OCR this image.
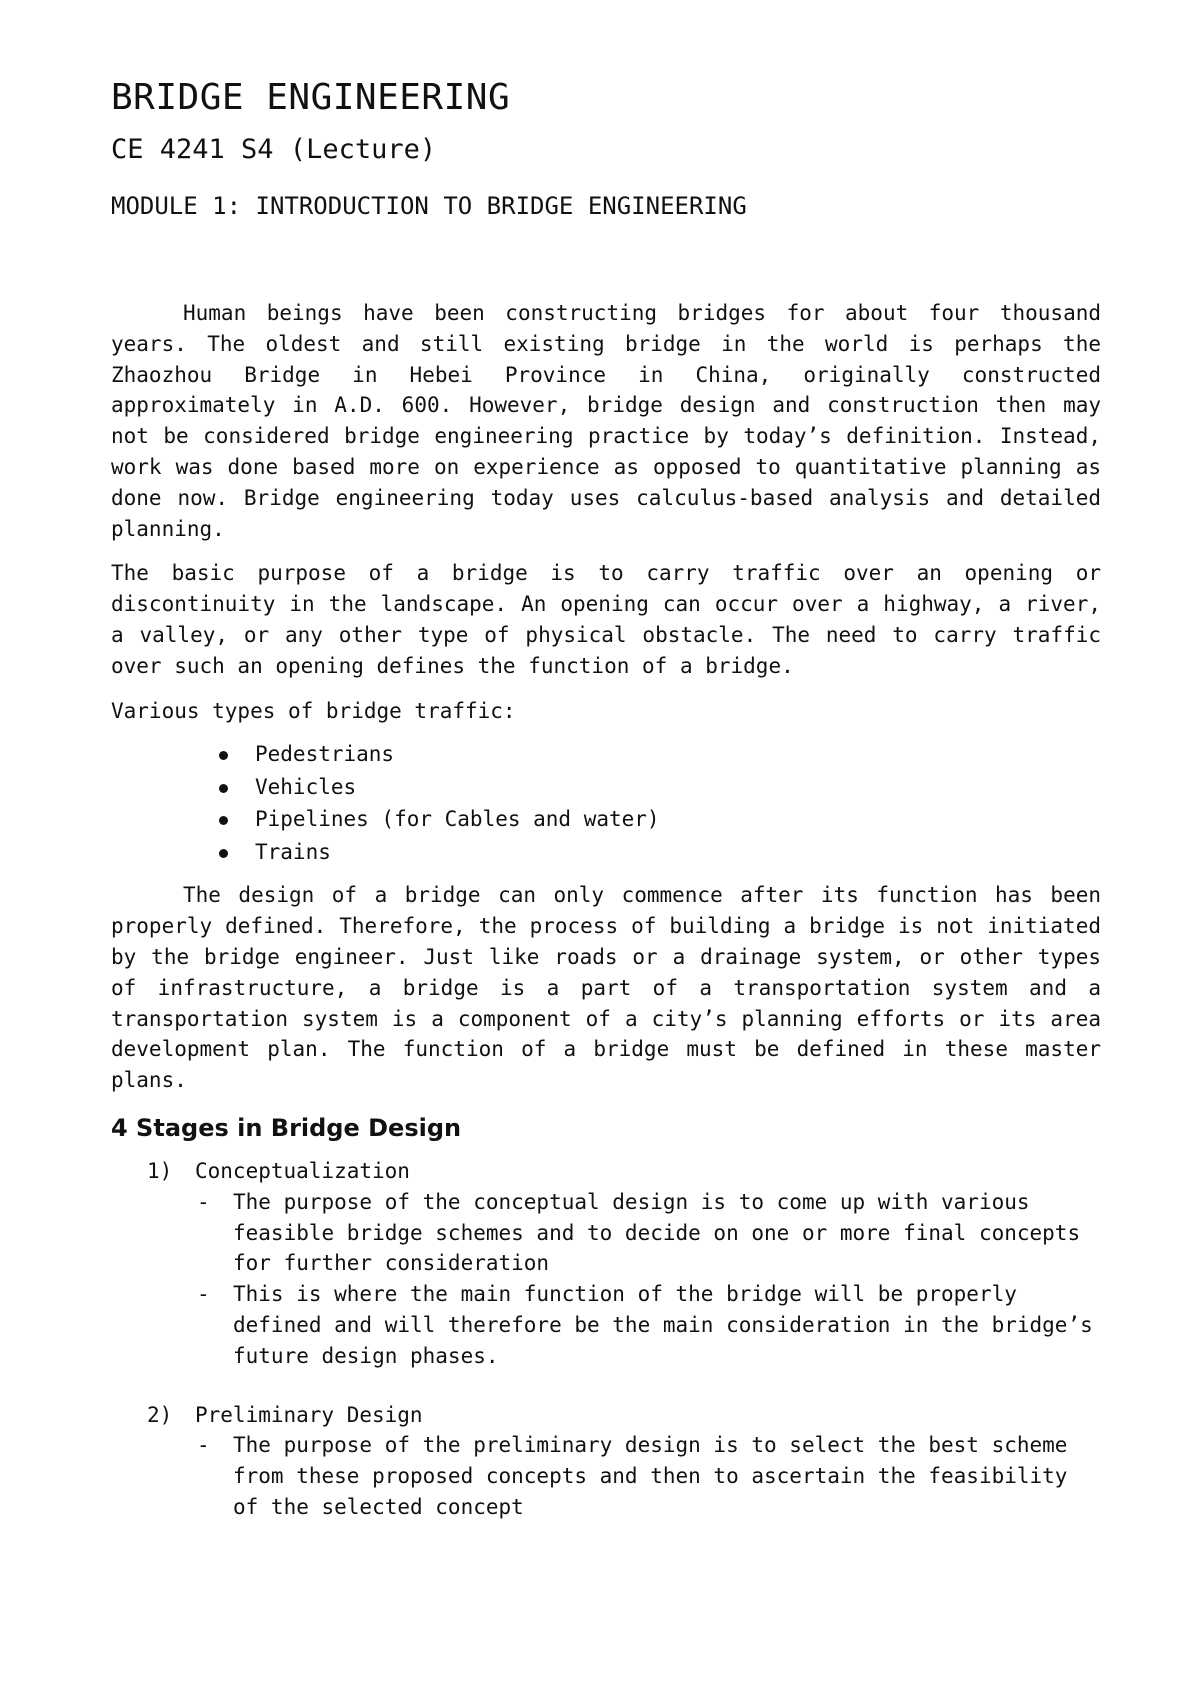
BRIDGE ENGINEERING
CE 4241 S4 (Lecture)
MODULE 1: INTRODUCTION TO BRIDGE ENGINEERING

Human beings have been constructing bridges for about four thousand years. The oldest and still existing bridge in the world is perhaps the Zhaozhou Bridge in Hebei Province in China, originally constructed approximately in A.D. 600. However, bridge design and construction then may not be considered bridge engineering practice by today’s definition. Instead, work was done based more on experience as opposed to quantitative planning as done now. Bridge engineering today uses calculus-based analysis and detailed planning.

The basic purpose of a bridge is to carry traffic over an opening or discontinuity in the landscape. An opening can occur over a highway, a river, a valley, or any other type of physical obstacle. The need to carry traffic over such an opening defines the function of a bridge.

Various types of bridge traffic:

Pedestrians
Vehicles
Pipelines (for Cables and water)
Trains

The design of a bridge can only commence after its function has been properly defined. Therefore, the process of building a bridge is not initiated by the bridge engineer. Just like roads or a drainage system, or other types of infrastructure, a bridge is a part of a transportation system and a transportation system is a component of a city’s planning efforts or its area development plan. The function of a bridge must be defined in these master plans.

4 Stages in Bridge Design

1) Conceptualization

- The purpose of the conceptual design is to come up with various feasible bridge schemes and to decide on one or more final concepts for further consideration
- This is where the main function of the bridge will be properly defined and will therefore be the main consideration in the bridge’s future design phases.

2) Preliminary Design

- The purpose of the preliminary design is to select the best scheme from these proposed concepts and then to ascertain the feasibility of the selected concept
